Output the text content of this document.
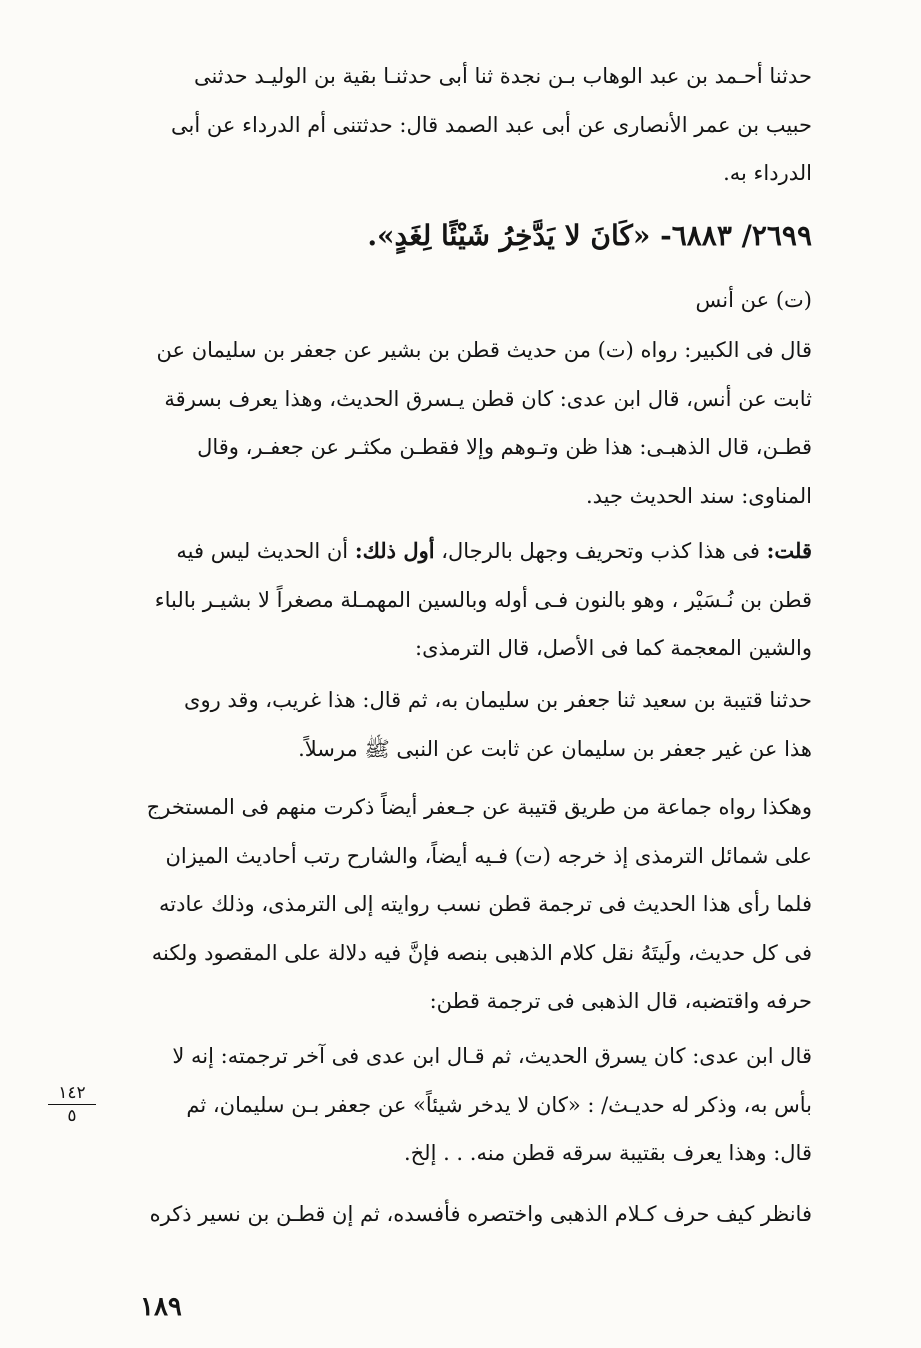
حدثنا أحـمد بن عبد الوهاب بـن نجدة ثنا أبى حدثنـا بقية بن الوليـد حدثنى
حبيب بن عمر الأنصارى عن أبى عبد الصمد قال: حدثتنى أم الدرداء عن أبى
الدرداء به.
٢٦٩٩/ ٦٨٨٣- «كَانَ لا يَدَّخِرُ شَيْئًا لِغَدٍ».
(ت) عن أنس
قال فى الكبير: رواه (ت) من حديث قطن بن بشير عن جعفر بن سليمان عن
ثابت عن أنس، قال ابن عدى: كان قطن يـسرق الحديث، وهذا يعرف بسرقة
قطـن، قال الذهبـى: هذا ظن وتـوهم وإلا فقطـن مكثـر عن جعفـر، وقال
المناوى: سند الحديث جيد.
قلت: فى هذا كذب وتحريف وجهل بالرجال، أول ذلك: أن الحديث ليس فيه
قطن بن نُـسَيْر ، وهو بالنون فـى أوله وبالسين المهمـلة مصغراً لا بشيـر بالباء
والشين المعجمة كما فى الأصل، قال الترمذى:
حدثنا قتيبة بن سعيد ثنا جعفر بن سليمان به، ثم قال: هذا غريب، وقد روى
هذا عن غير جعفر بن سليمان عن ثابت عن النبى ﷺ مرسلاً.
وهكذا رواه جماعة من طريق قتيبة عن جـعفر أيضاً ذكرت منهم فى المستخرج
على شمائل الترمذى إذ خرجه (ت) فـيه أيضاً، والشارح رتب أحاديث الميزان
فلما رأى هذا الحديث فى ترجمة قطن نسب روايته إلى الترمذى، وذلك عادته
فى كل حديث، ولَيتَهُ نقل كلام الذهبى بنصه فإنَّ فيه دلالة على المقصود ولكنه
حرفه واقتضبه، قال الذهبى فى ترجمة قطن:
قال ابن عدى: كان يسرق الحديث، ثم قـال ابن عدى فى آخر ترجمته: إنه لا
بأس به، وذكر له حديـث/ : «كان لا يدخر شيئاً» عن جعفر بـن سليمان، ثم
قال: وهذا يعرف بقتيبة سرقه قطن منه. . . إلخ.
فانظر كيف حرف كـلام الذهبى واختصره فأفسده، ثم إن قطـن بن نسير ذكره
١٤٢
٥
١٨٩
